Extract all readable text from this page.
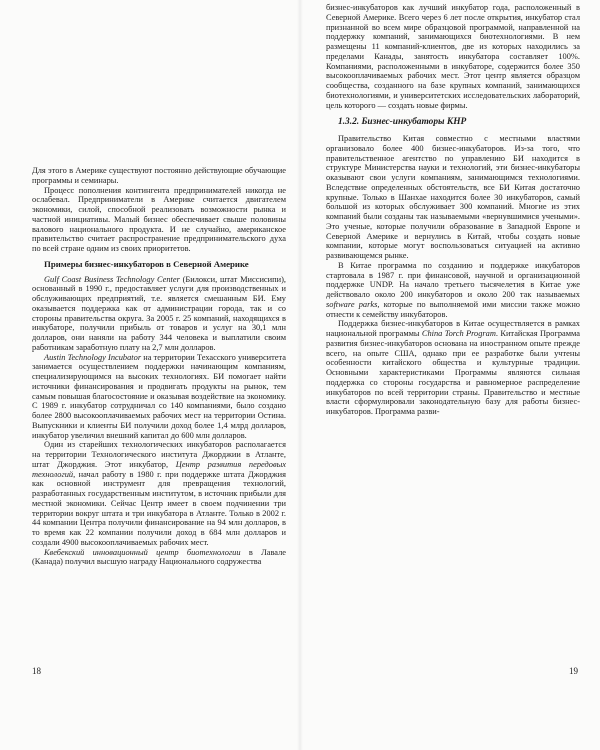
Для этого в Америке существуют постоянно действующие обучающие программы и семинары.

Процесс пополнения контингента предпринимателей никогда не ослабевал. Предприниматели в Америке считается двигателем экономики, силой, способной реализовать возможности рынка и частной инициативы. Малый бизнес обеспечивает свыше половины валового национального продукта. И не случайно, американское правительство считает распространение предпринимательского духа по всей стране одним из своих приоритетов.

Примеры бизнес-инкубаторов в Северной Америке

Gulf Coast Business Technology Center (Билокси, штат Миссисипи), основанный в 1990 г., предоставляет услуги для производственных и обслуживающих предприятий, т.е. является смешанным БИ. Ему оказывается поддержка как от администрации города, так и со стороны правительства округа. За 2005 г. 25 компаний, находящихся в инкубаторе, получили прибыль от товаров и услуг на 30,1 млн долларов, они наняли на работу 344 человека и выплатили своим работникам заработную плату на 2,7 млн долларов.

Austin Technology Incubator на территории Техасского университета занимается осуществлением поддержки начинающим компаниям, специализирующимся на высоких технологиях. БИ помогает найти источники финансирования и продвигать продукты на рынок, тем самым повышая благосостояние и оказывая воздействие на экономику. С 1989 г. инкубатор сотрудничал со 140 компаниями, было создано более 2800 высокооплачиваемых рабочих мест на территории Остина. Выпускники и клиенты БИ получили доход более 1,4 млрд долларов, инкубатор увеличил внешний капитал до 600 млн долларов.

Один из старейших технологических инкубаторов располагается на территории Технологического института Джорджии в Атланте, штат Джорджия. Этот инкубатор, Центр развития передовых технологий, начал работу в 1980 г. при поддержке штата Джорджия как основной инструмент для превращения технологий, разработанных государственным институтом, в источник прибыли для местной экономики. Сейчас Центр имеет в своем подчинении три территории вокруг штата и три инкубатора в Атланте. Только в 2002 г. 44 компании Центра получили финансирование на 94 млн долларов, в то время как 22 компании получили доход в 684 млн долларов и создали 4900 высокооплачиваемых рабочих мест.

Квебекский инновационный центр биотехнологии в Лавале (Канада) получил высшую награду Национального содружества

18

бизнес-инкубаторов как лучший инкубатор года, расположенный в Северной Америке. Всего через 6 лет после открытия, инкубатор стал признанной во всем мире образцовой программой, направленной на поддержку компаний, занимающихся биотехнологиями. В нем размещены 11 компаний-клиентов, две из которых находились за пределами Канады, занятость инкубатора составляет 100%. Компаниями, расположенными в инкубаторе, содержится более 350 высокооплачиваемых рабочих мест. Этот центр является образцом сообщества, созданного на базе крупных компаний, занимающихся биотехнологиями, и университетских исследовательских лабораторий, цель которого — создать новые фирмы.

1.3.2. Бизнес-инкубаторы КНР

Правительство Китая совместно с местными властями организовало более 400 бизнес-инкубаторов. Из-за того, что правительственное агентство по управлению БИ находится в структуре Министерства науки и технологий, эти бизнес-инкубаторы оказывают свои услуги компаниям, занимающимся технологиями. Вследствие определенных обстоятельств, все БИ Китая достаточно крупные. Только в Шанхае находится более 30 инкубаторов, самый большой из которых обслуживает 300 компаний. Многие из этих компаний были созданы так называемыми «вернувшимися учеными». Это ученые, которые получили образование в Западной Европе и Северной Америке и вернулись в Китай, чтобы создать новые компании, которые могут воспользоваться ситуацией на активно развивающемся рынке.

В Китае программа по созданию и поддержке инкубаторов стартовала в 1987 г. при финансовой, научной и организационной поддержке UNDP. На начало третьего тысячелетия в Китае уже действовало около 200 инкубаторов и около 200 так называемых software parks, которые по выполняемой ими миссии также можно отнести к семейству инкубаторов.

Поддержка бизнес-инкубаторов в Китае осуществляется в рамках национальной программы China Torch Program. Китайская Программа развития бизнес-инкубаторов основана на иностранном опыте прежде всего, на опыте США, однако при ее разработке были учтены особенности китайского общества и культурные традиции. Основными характеристиками Программы являются сильная поддержка со стороны государства и равномерное распределение инкубаторов по всей территории страны. Правительство и местные власти сформулировали законодательную базу для работы бизнес-инкубаторов. Программа разви-

19
